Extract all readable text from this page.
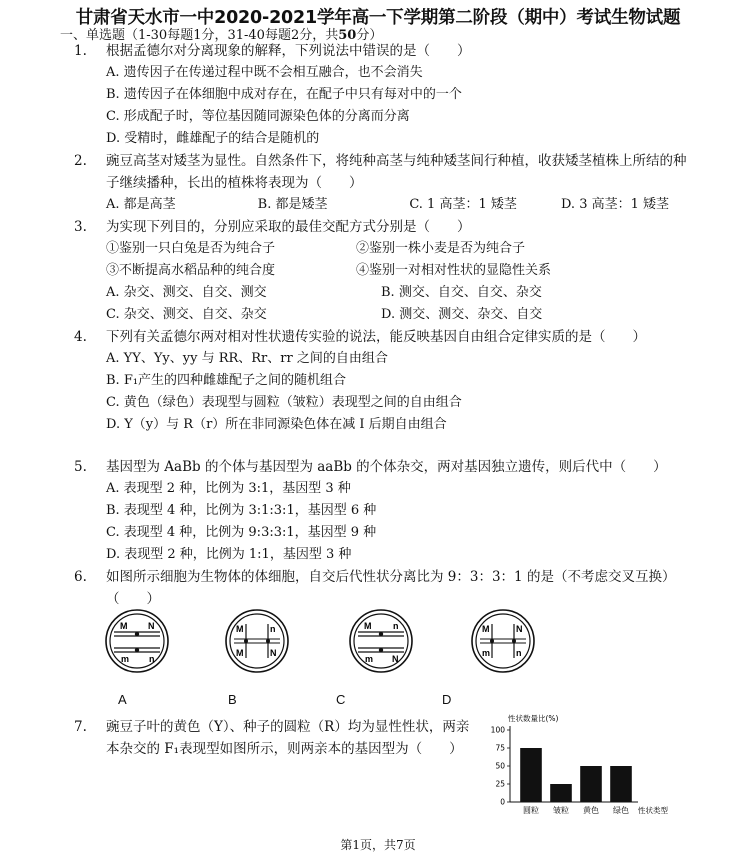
甘肃省天水市一中2020-2021学年高一下学期第二阶段（期中）考试生物试题
一、单选题（1-30每题1分，31-40每题2分，共50分）
1.	根据孟德尔对分离现象的解释，下列说法中错误的是（　　）
A. 遗传因子在传递过程中既不会相互融合，也不会消失
B. 遗传因子在体细胞中成对存在，在配子中只有每对中的一个
C. 形成配子时，等位基因随同源染色体的分离而分离
D. 受精时，雌雄配子的结合是随机的
2.	豌豆高茎对矮茎为显性。自然条件下，将纯种高茎与纯种矮茎间行种植，收获矮茎植株上所结的种子继续播种，长出的植株将表现为（　　）
A. 都是高茎	B. 都是矮茎	C. 1 高茎：1 矮茎	D. 3 高茎：1 矮茎
3.	为实现下列目的，分别应采取的最佳交配方式分别是（　　）
①鉴别一只白兔是否为纯合子	②鉴别一株小麦是否为纯合子
③不断提高水稻品种的纯合度	④鉴别一对相对性状的显隐性关系
A. 杂交、测交、自交、测交	B. 测交、自交、自交、杂交
C. 杂交、测交、自交、杂交	D. 测交、测交、杂交、自交
4.	下列有关孟德尔两对相对性状遗传实验的说法，能反映基因自由组合定律实质的是（　　）
A. YY、Yy、yy 与 RR、Rr、rr 之间的自由组合
B. F₁产生的四种雌雄配子之间的随机组合
C. 黄色（绿色）表现型与圆粒（皱粒）表现型之间的自由组合
D. Y（y）与 R（r）所在非同源染色体在减 I 后期自由组合
5.	基因型为 AaBb 的个体与基因型为 aaBb 的个体杂交，两对基因独立遗传，则后代中（　　）
A. 表现型 2 种，比例为 3:1，基因型 3 种
B. 表现型 4 种，比例为 3:1:3:1，基因型 6 种
C. 表现型 4 种，比例为 9:3:3:1，基因型 9 种
D. 表现型 2 种，比例为 1:1，基因型 3 种
6.	如图所示细胞为生物体的体细胞，自交后代性状分离比为 9：3：3：1 的是（不考虑交叉互换）（　　）
M N
m n
M	n
M	N
M n
m N
M	N
m	n
A	B	C	D
7. 豌豆子叶的黄色（Y）、种子的圆粒（R）均为显性性状，两亲本杂交的 F₁表现型如图所示，则两亲本的基因型为（　　）
性状数量比(%)
性状类型
0
25
50
75
100
圆粒 皱粒 黄色 绿色
第1页，共7页
